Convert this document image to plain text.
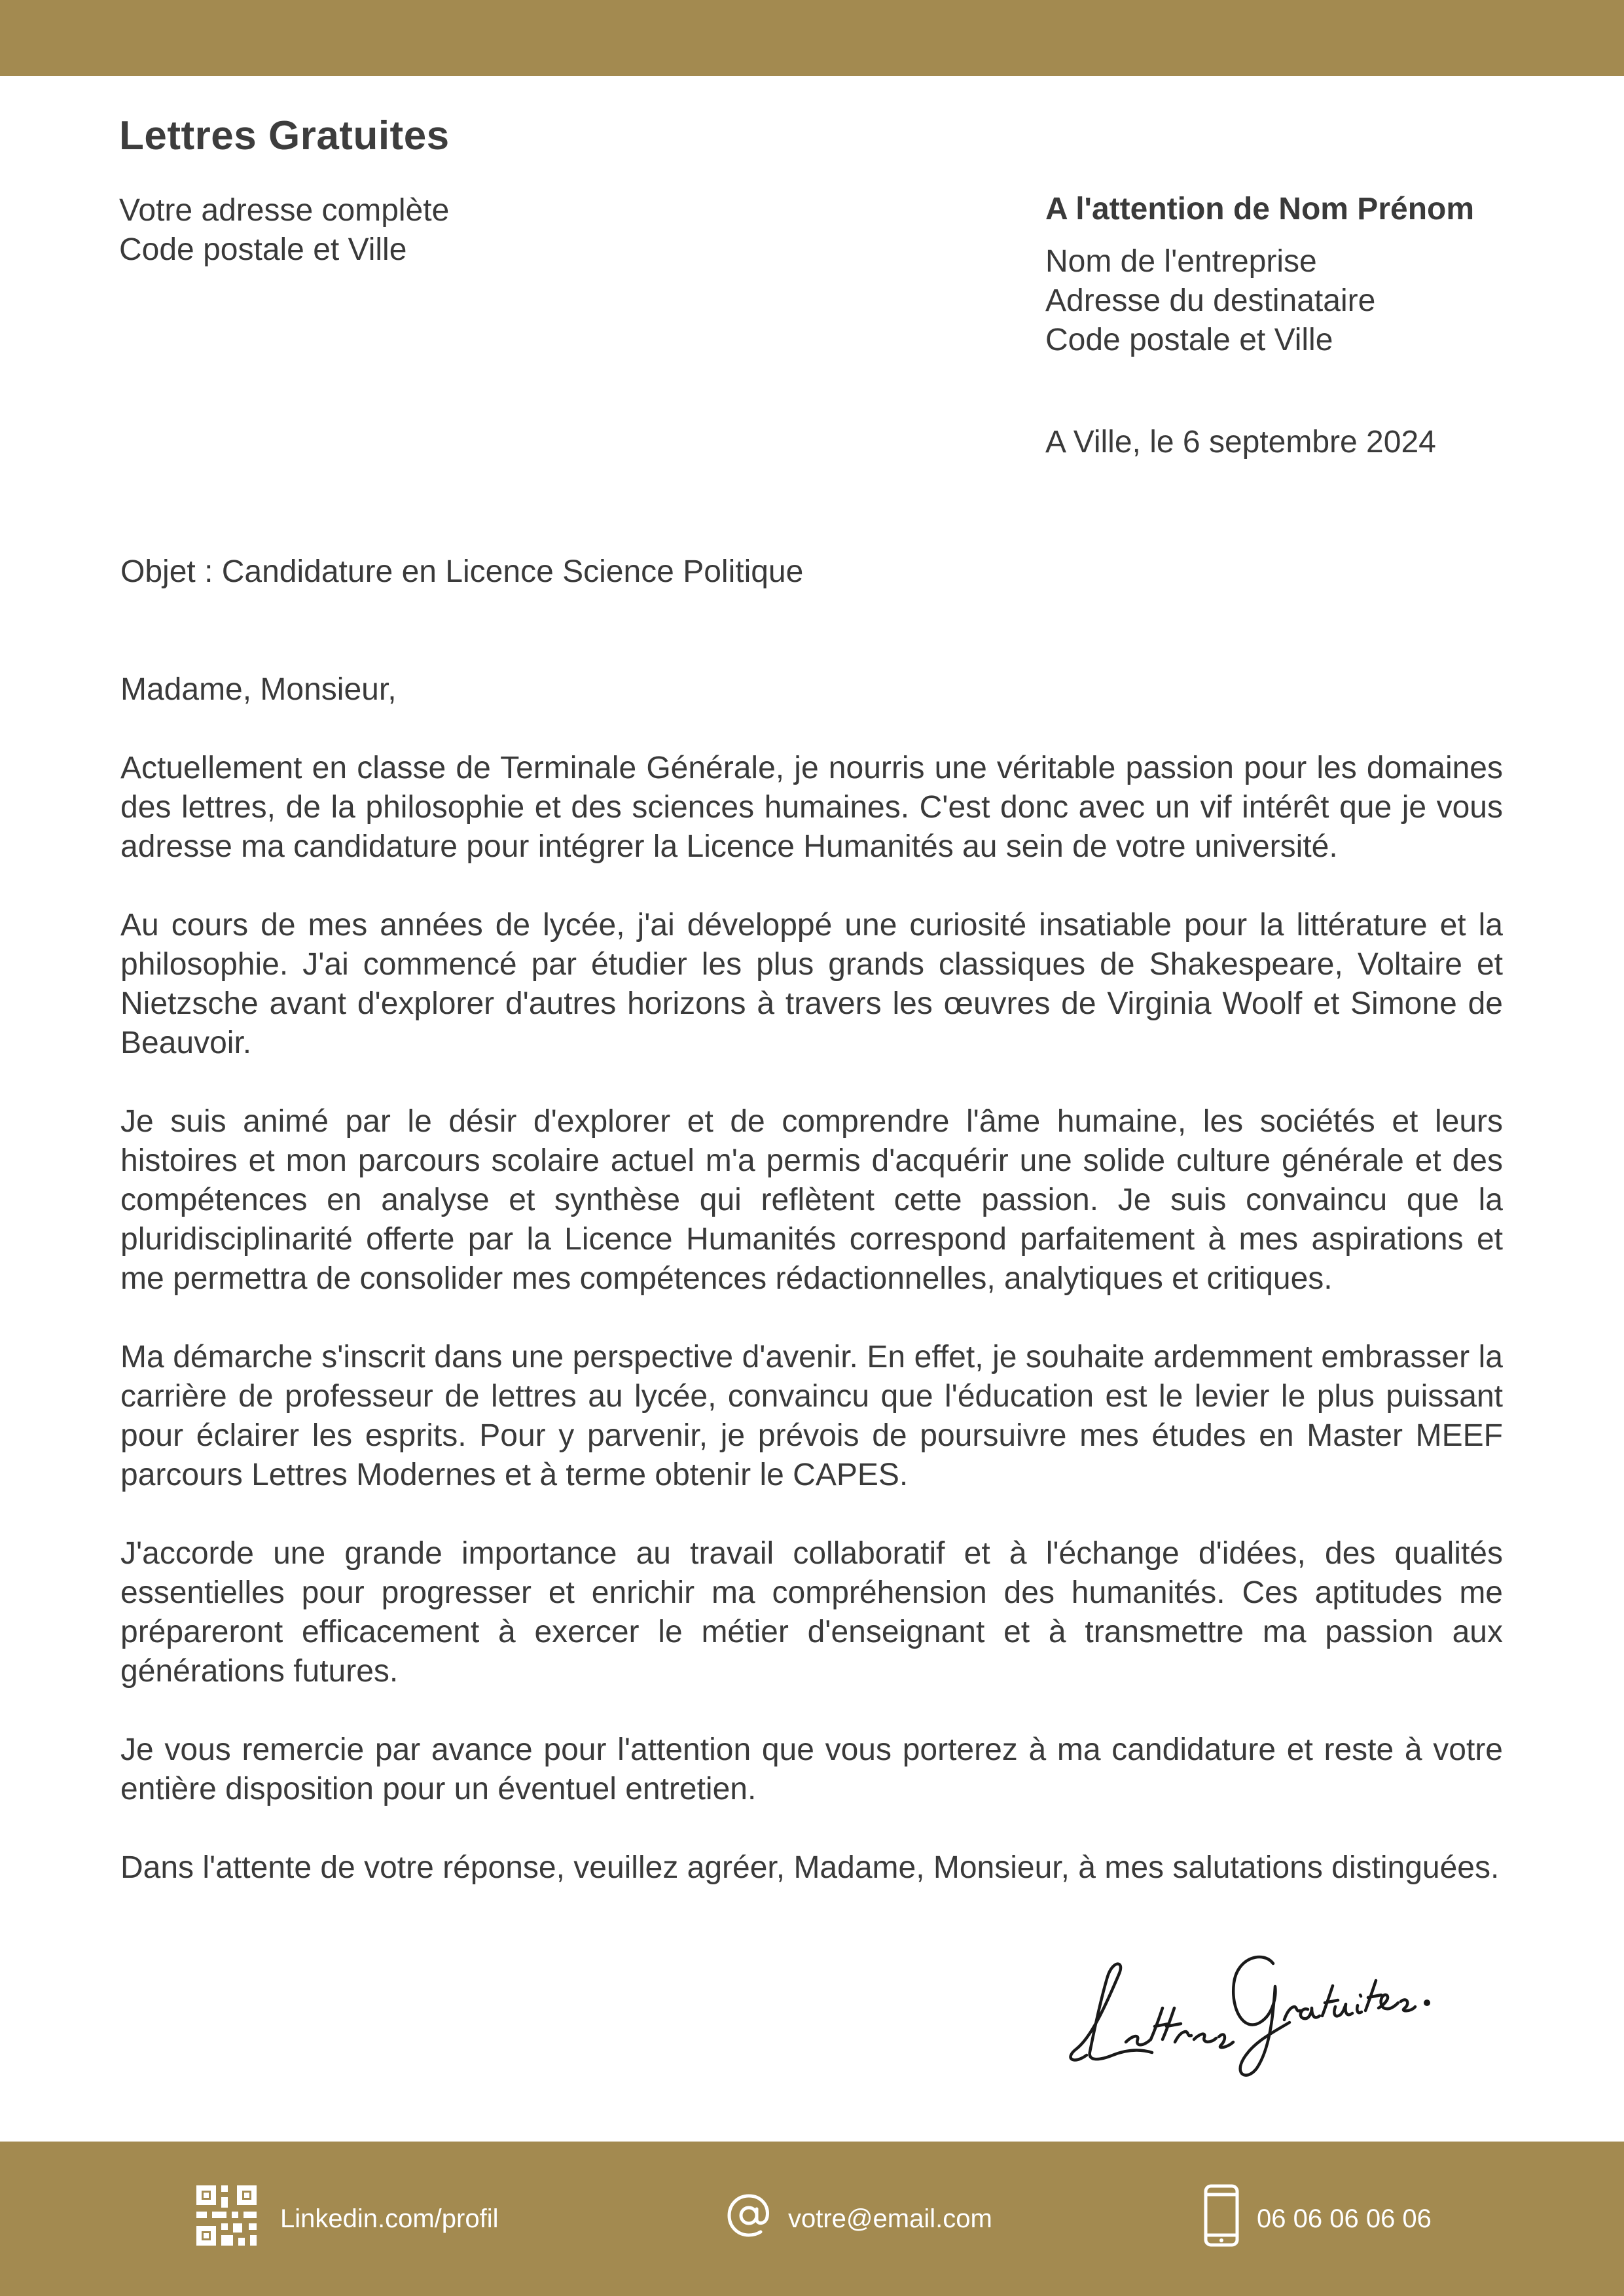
Lettres Gratuites
Votre adresse complète
Code postale et Ville
A l'attention de Nom Prénom
Nom de l'entreprise
Adresse du destinataire
Code postale et Ville
A Ville, le 6 septembre 2024
Objet : Candidature en Licence Science Politique

Madame, Monsieur,

Actuellement en classe de Terminale Générale, je nourris une véritable passion pour les domaines des lettres, de la philosophie et des sciences humaines. C'est donc avec un vif intérêt que je vous adresse ma candidature pour intégrer la Licence Humanités au sein de votre université.

Au cours de mes années de lycée, j'ai développé une curiosité insatiable pour la littérature et la philosophie. J'ai commencé par étudier les plus grands classiques de Shakespeare, Voltaire et Nietzsche avant d'explorer d'autres horizons à travers les œuvres de Virginia Woolf et Simone de Beauvoir.

Je suis animé par le désir d'explorer et de comprendre l'âme humaine, les sociétés et leurs histoires et mon parcours scolaire actuel m'a permis d'acquérir une solide culture générale et des compétences en analyse et synthèse qui reflètent cette passion. Je suis convaincu que la pluridisciplinarité offerte par la Licence Humanités correspond parfaitement à mes aspirations et me permettra de consolider mes compétences rédactionnelles, analytiques et critiques.

Ma démarche s'inscrit dans une perspective d'avenir. En effet, je souhaite ardemment embrasser la carrière de professeur de lettres au lycée, convaincu que l'éducation est le levier le plus puissant pour éclairer les esprits. Pour y parvenir, je prévois de poursuivre mes études en Master MEEF parcours Lettres Modernes et à terme obtenir le CAPES.

J'accorde une grande importance au travail collaboratif et à l'échange d'idées, des qualités essentielles pour progresser et enrichir ma compréhension des humanités. Ces aptitudes me prépareront efficacement à exercer le métier d'enseignant et à transmettre ma passion aux générations futures.

Je vous remercie par avance pour l'attention que vous porterez à ma candidature et reste à votre entière disposition pour un éventuel entretien.

Dans l'attente de votre réponse, veuillez agréer, Madame, Monsieur, à mes salutations distinguées.

Linkedin.com/profil	votre@email.com	06 06 06 06 06
